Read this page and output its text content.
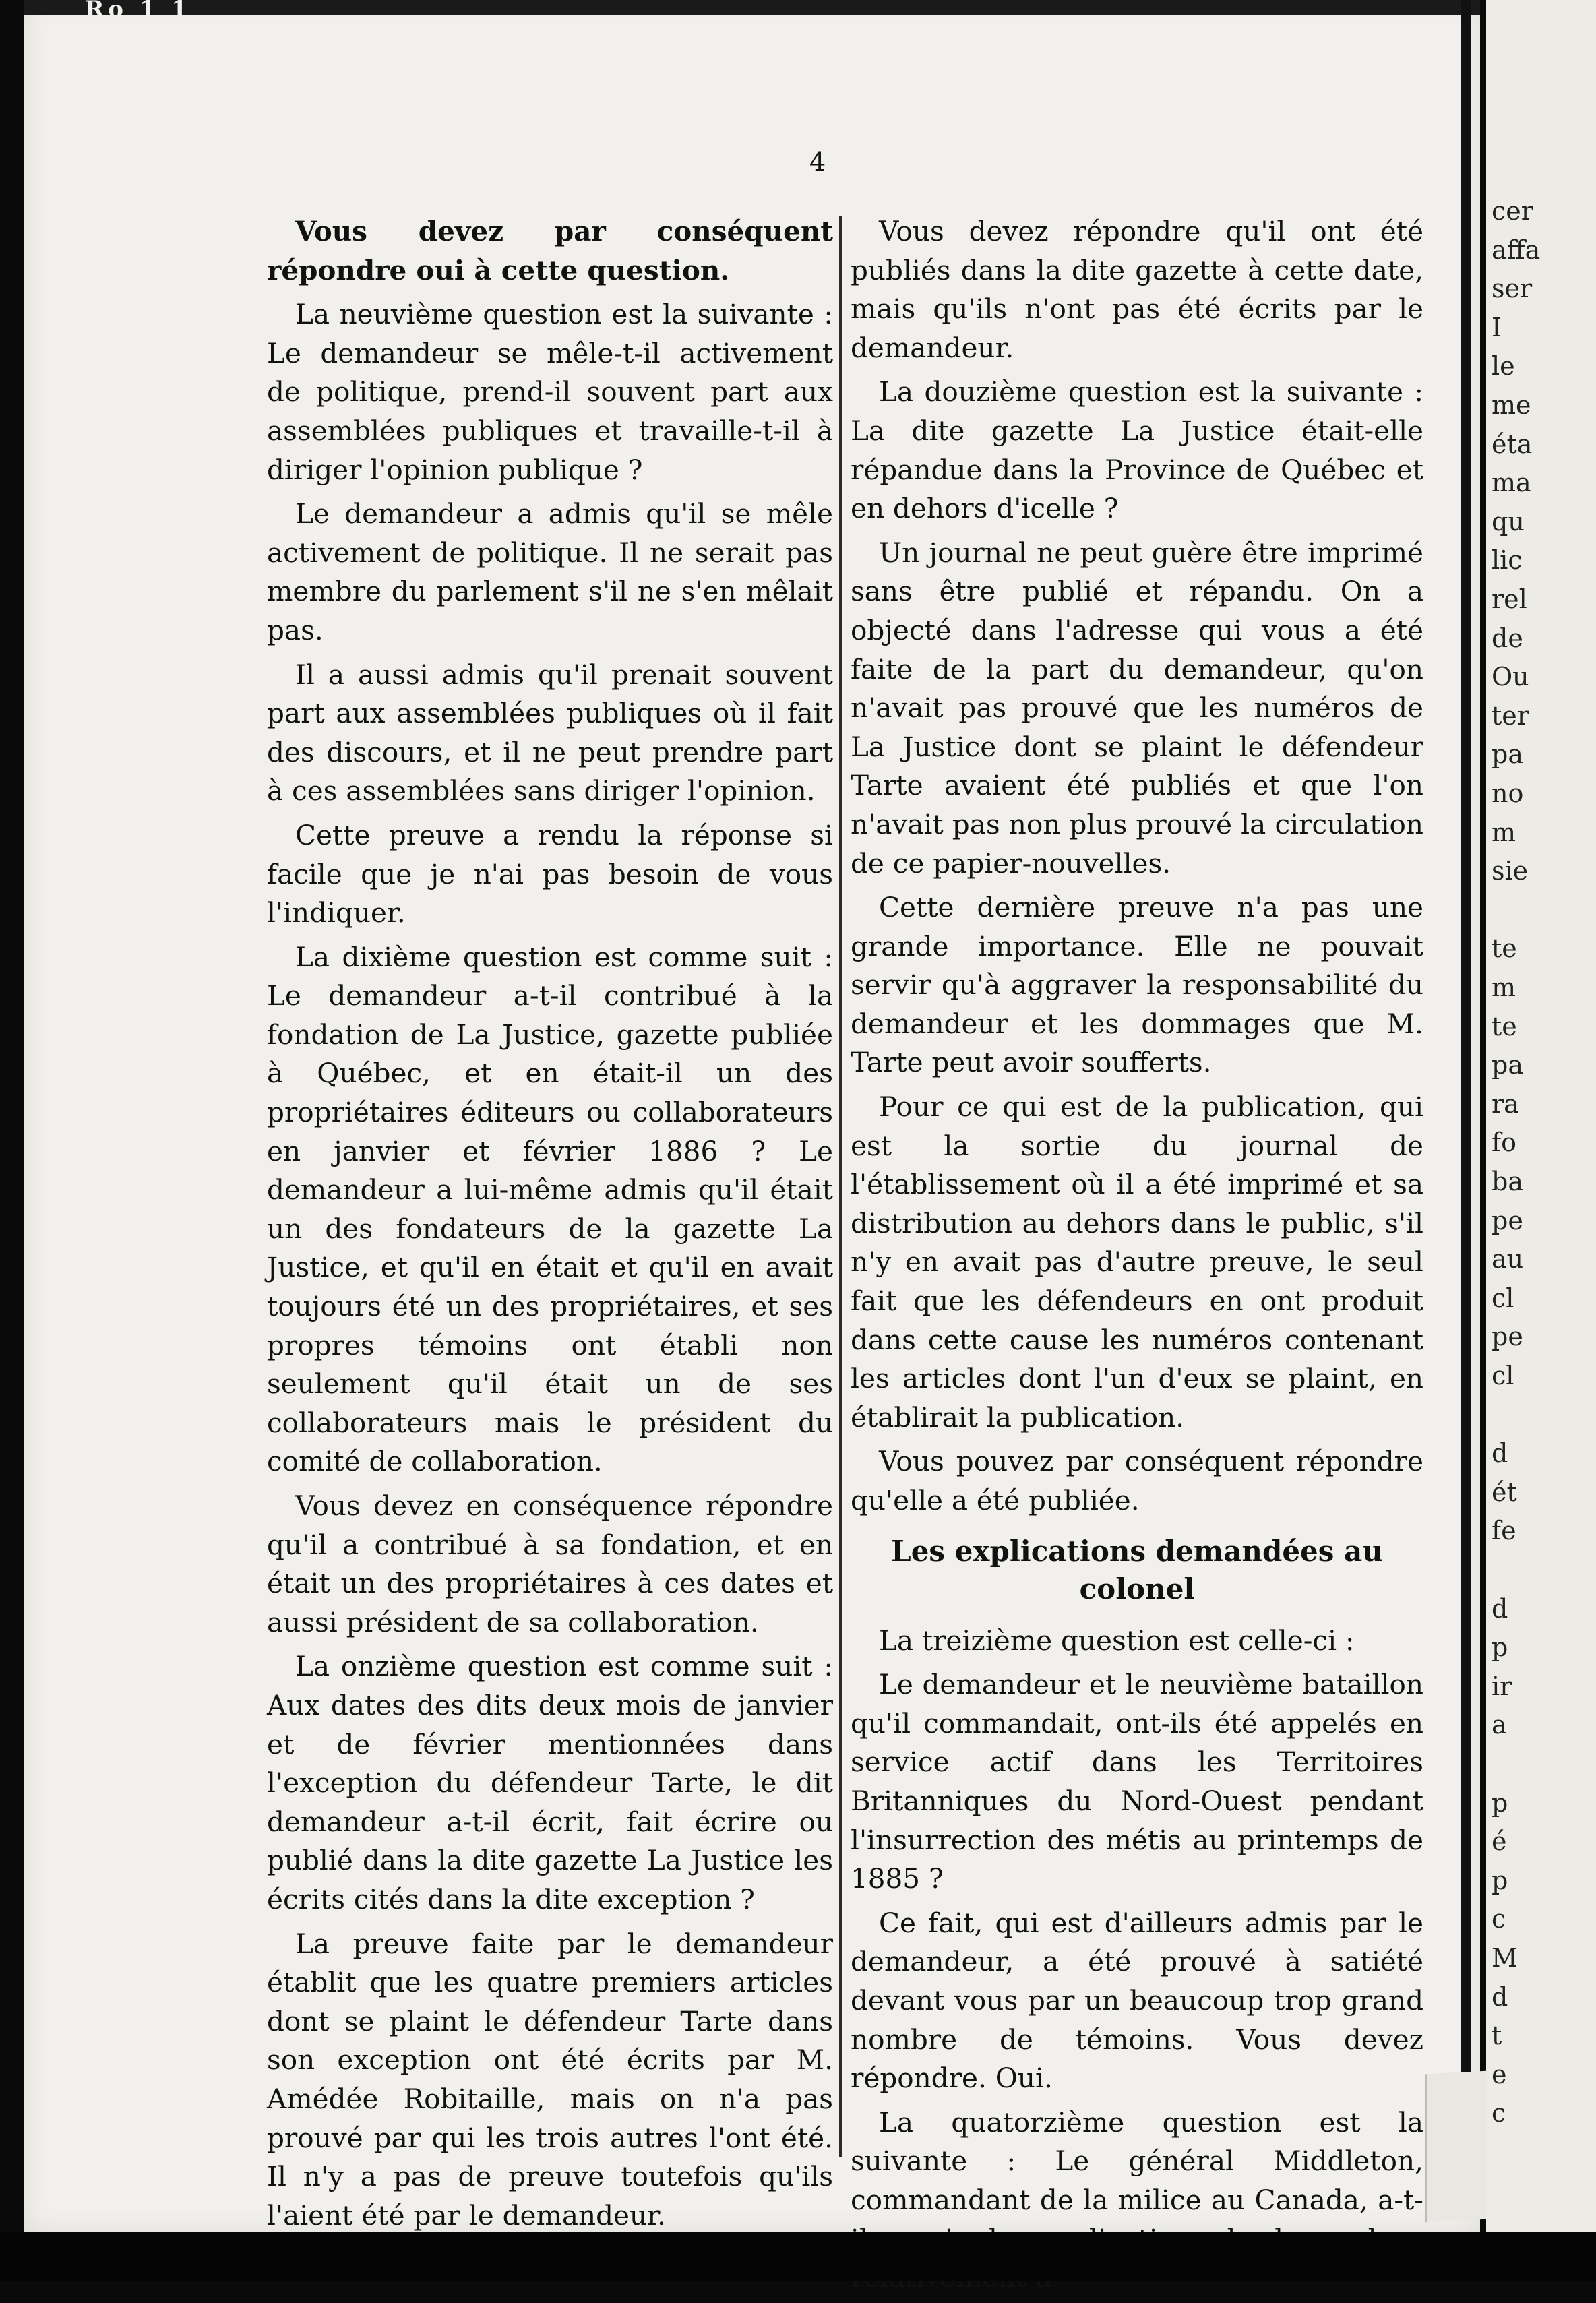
Ro 1 1
4

Vous devez par conséquent répondre oui à cette question.

La neuvième question est la suivante : Le demandeur se mêle-t-il activement de politique, prend-il souvent part aux assemblées publiques et travaille-t-il à diriger l'opinion publique ?

Le demandeur a admis qu'il se mêle activement de politique. Il ne serait pas membre du parlement s'il ne s'en mêlait pas.

Il a aussi admis qu'il prenait souvent part aux assemblées publiques où il fait des discours, et il ne peut prendre part à ces assemblées sans diriger l'opinion.

Cette preuve a rendu la réponse si facile que je n'ai pas besoin de vous l'indiquer.

La dixième question est comme suit : Le demandeur a-t-il contribué à la fondation de La Justice, gazette publiée à Québec, et en était-il un des propriétaires éditeurs ou collaborateurs en janvier et février 1886 ? Le demandeur a lui-même admis qu'il était un des fondateurs de la gazette La Justice, et qu'il en était et qu'il en avait toujours été un des propriétaires, et ses propres témoins ont établi non seulement qu'il était un de ses collaborateurs mais le président du comité de collaboration.

Vous devez en conséquence répondre qu'il a contribué à sa fondation, et en était un des propriétaires à ces dates et aussi président de sa collaboration.

La onzième question est comme suit : Aux dates des dits deux mois de janvier et de février mentionnées dans l'exception du défendeur Tarte, le dit demandeur a-t-il écrit, fait écrire ou publié dans la dite gazette La Justice les écrits cités dans la dite exception ?

La preuve faite par le demandeur établit que les quatre premiers articles dont se plaint le défendeur Tarte dans son exception ont été écrits par M. Amédée Robitaille, mais on n'a pas prouvé par qui les trois autres l'ont été. Il n'y a pas de preuve toutefois qu'ils l'aient été par le demandeur.

Vous devez répondre qu'il ont été publiés dans la dite gazette à cette date, mais qu'ils n'ont pas été écrits par le demandeur.

La douzième question est la suivante : La dite gazette La Justice était-elle répandue dans la Province de Québec et en dehors d'icelle ?

Un journal ne peut guère être imprimé sans être publié et répandu. On a objecté dans l'adresse qui vous a été faite de la part du demandeur, qu'on n'avait pas prouvé que les numéros de La Justice dont se plaint le défendeur Tarte avaient été publiés et que l'on n'avait pas non plus prouvé la circulation de ce papier-nouvelles.

Cette dernière preuve n'a pas une grande importance. Elle ne pouvait servir qu'à aggraver la responsabilité du demandeur et les dommages que M. Tarte peut avoir soufferts.

Pour ce qui est de la publication, qui est la sortie du journal de l'établissement où il a été imprimé et sa distribution au dehors dans le public, s'il n'y en avait pas d'autre preuve, le seul fait que les défendeurs en ont produit dans cette cause les numéros contenant les articles dont l'un d'eux se plaint, en établirait la publication.

Vous pouvez par conséquent répondre qu'elle a été publiée.

Les explications demandées au colonel

La treizième question est celle-ci :

Le demandeur et le neuvième bataillon qu'il commandait, ont-ils été appelés en service actif dans les Territoires Britanniques du Nord-Ouest pendant l'insurrection des métis au printemps de 1885 ?

Ce fait, qui est d'ailleurs admis par le demandeur, a été prouvé à satiété devant vous par un beaucoup trop grand nombre de témoins. Vous devez répondre. Oui.

La quatorzième question est la suivante : Le général Middleton, commandant de la milice au Canada, a-t-

cer
affa
ser
I
le
me
éta
ma
qu
lic
rel
de
Ou
ter
pa
no
m
sie
te
m
te
pa
ra
fo
ba
pe
au
cl
pe
cl
d
ét
fe
d
p
ir
a
p
é
p
c
M
d
t
e
c
